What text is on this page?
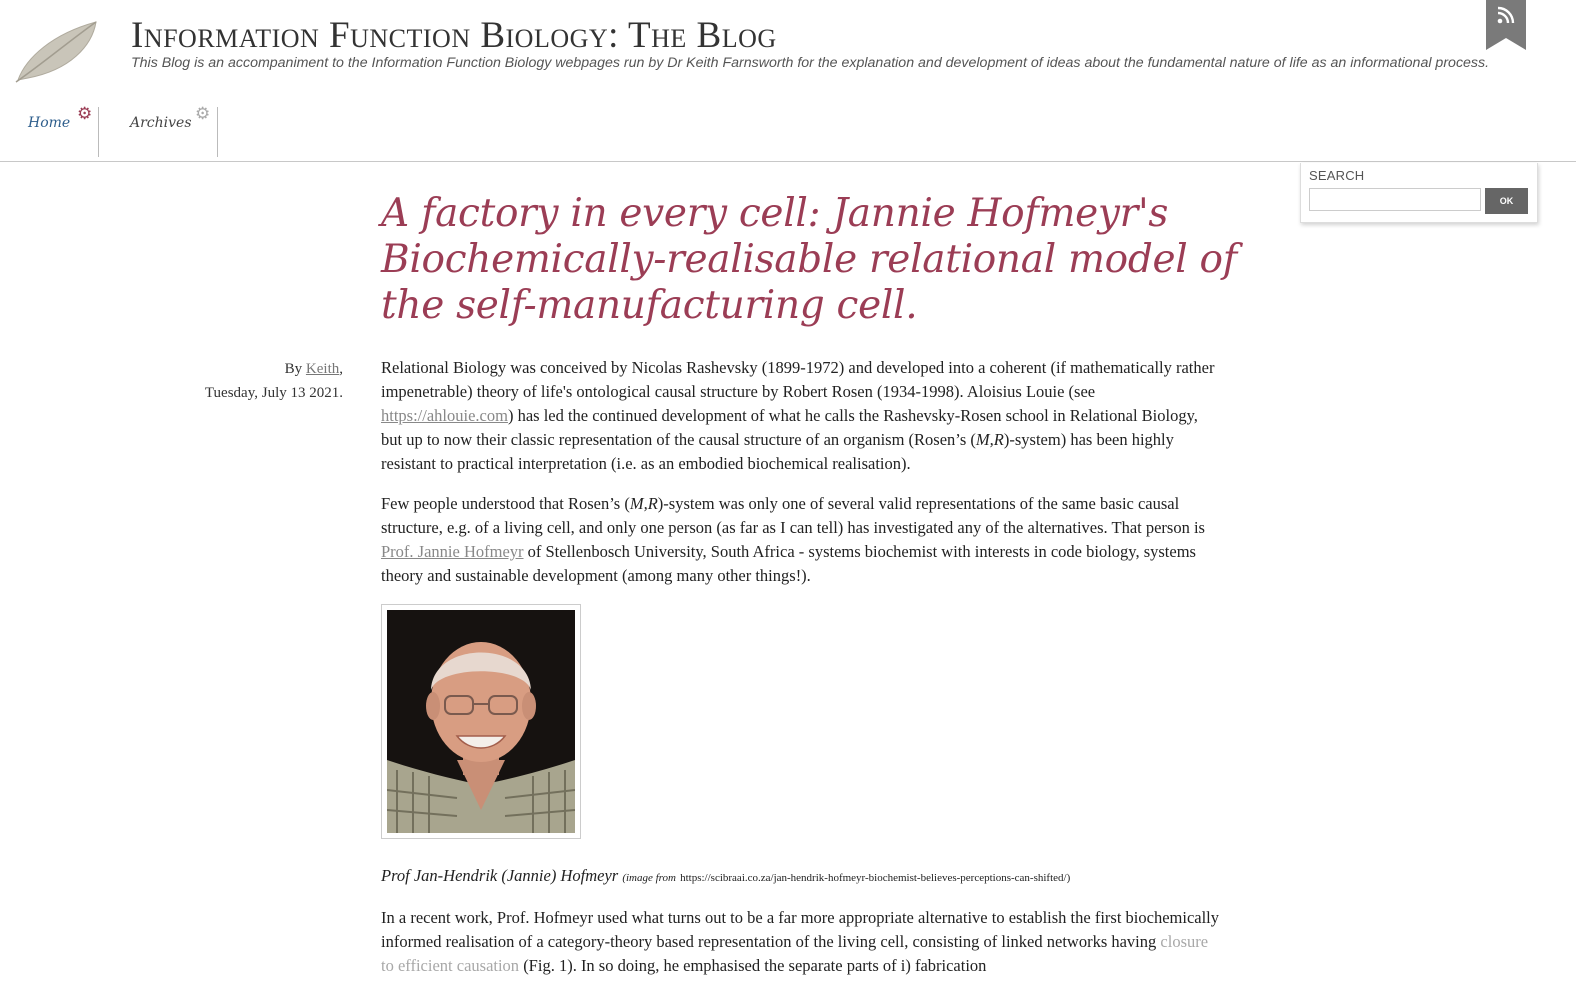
Information Function Biology: The Blog
This Blog is an accompaniment to the Information Function Biology webpages run by Dr Keith Farnsworth for the explanation and development of ideas about the fundamental nature of life as an informational process.
Home ⚙	Archives ⚙
SEARCH
OK
A factory in every cell: Jannie Hofmeyr's Biochemically-realisable relational model of the self-manufacturing cell.
By Keith,
Tuesday, July 13 2021.

Relational Biology was conceived by Nicolas Rashevsky (1899-1972) and developed into a coherent (if mathematically rather impenetrable) theory of life's ontological causal structure by Robert Rosen (1934-1998). Aloisius Louie (see https://ahlouie.com) has led the continued development of what he calls the Rashevsky-Rosen school in Relational Biology, but up to now their classic representation of the causal structure of an organism (Rosen’s (M,R)-system) has been highly resistant to practical interpretation (i.e. as an embodied biochemical realisation).

Few people understood that Rosen’s (M,R)-system was only one of several valid representations of the same basic causal structure, e.g. of a living cell, and only one person (as far as I can tell) has investigated any of the alternatives. That person is Prof. Jannie Hofmeyr of Stellenbosch University, South Africa - systems biochemist with interests in code biology, systems theory and sustainable development (among many other things!).

Prof Jan-Hendrik (Jannie) Hofmeyr (image from https://scibraai.co.za/jan-hendrik-hofmeyr-biochemist-believes-perceptions-can-shifted/)

In a recent work, Prof. Hofmeyr used what turns out to be a far more appropriate alternative to establish the first biochemically informed realisation of a category-theory based representation of the living cell, consisting of linked networks having closure to efficient causation (Fig. 1). In so doing, he emphasised the separate parts of i) fabrication
